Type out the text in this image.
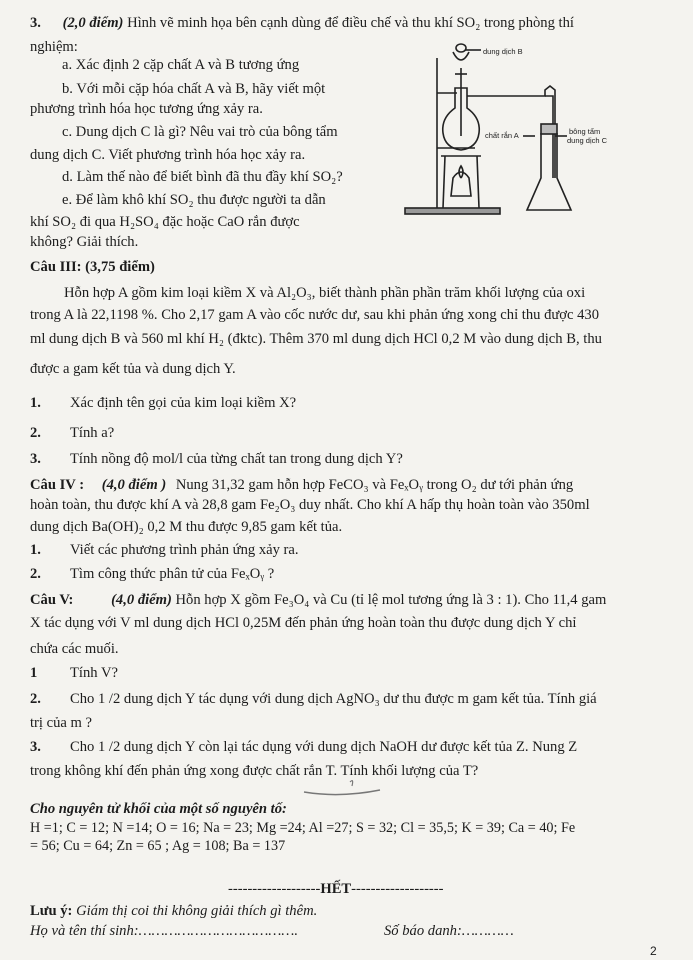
3. (2,0 điểm) Hình vẽ minh họa bên cạnh dùng để điều chế và thu khí SO₂ trong phòng thí
nghiệm:
a. Xác định 2 cặp chất A và B tương ứng
b. Với mỗi cặp hóa chất A và B, hãy viết một
phương trình hóa học tương ứng xảy ra.
c. Dung dịch C là gì? Nêu vai trò của bông tẩm
dung dịch C. Viết phương trình hóa học xảy ra.
d. Làm thế nào để biết bình đã thu đầy khí SO₂?
e. Để làm khô khí SO₂ thu được người ta dẫn
khí SO₂ đi qua H₂SO₄ đặc hoặc CaO rắn được
không? Giải thích.
dung dịch B
chất rắn A	bông tẩm
dung dịch C
Câu III: (3,75 điểm)
Hỗn hợp A gồm kim loại kiềm X và Al₂O₃, biết thành phần phần trăm khối lượng của oxi
trong A là 22,1198 %. Cho 2,17 gam A vào cốc nước dư, sau khi phản ứng xong chỉ thu được 430
ml dung dịch B và 560 ml khí H₂ (đktc). Thêm 370 ml dung dịch HCl 0,2 M vào dung dịch B, thu
được a gam kết tủa và dung dịch Y.
1. Xác định tên gọi của kim loại kiềm X?
2. Tính a?
3. Tính nồng độ mol/l của từng chất tan trong dung dịch Y?
Câu IV : (4,0 điểm ) Nung 31,32 gam hỗn hợp FeCO₃ và FeₓOᵧ trong O₂ dư tới phản ứng
hoàn toàn, thu được khí A và 28,8 gam Fe₂O₃ duy nhất. Cho khí A hấp thụ hoàn toàn vào 350ml
dung dịch Ba(OH)₂ 0,2 M thu được 9,85 gam kết tủa.
1. Viết các phương trình phản ứng xảy ra.
2. Tìm công thức phân tử của FeₓOᵧ ?
Câu V:	(4,0 điểm) Hỗn hợp X gồm Fe₃O₄ và Cu (tỉ lệ mol tương ứng là 3 : 1). Cho 11,4 gam
X tác dụng với V ml dung dịch HCl 0,25M đến phản ứng hoàn toàn thu được dung dịch Y chỉ
chứa các muối.
1 Tính V?
2. Cho 1 /2 dung dịch Y tác dụng với dung dịch AgNO₃ dư thu được m gam kết tủa. Tính giá
trị của m ?
3. Cho 1 /2 dung dịch Y còn lại tác dụng với dung dịch NaOH dư được kết tủa Z. Nung Z
trong không khí đến phản ứng xong được chất rắn T. Tính khối lượng của T?
Cho nguyên tử khối của một số nguyên tố:
H =1; C = 12; N =14; O = 16; Na = 23; Mg =24; Al =27; S = 32; Cl = 35,5; K = 39; Ca = 40; Fe
= 56; Cu = 64; Zn = 65 ; Ag = 108; Ba = 137
-------------------HẾT-------------------
Lưu ý: Giám thị coi thi không giải thích gì thêm.
Họ và tên thí sinh:……………………………….	Số báo danh:…………
2
